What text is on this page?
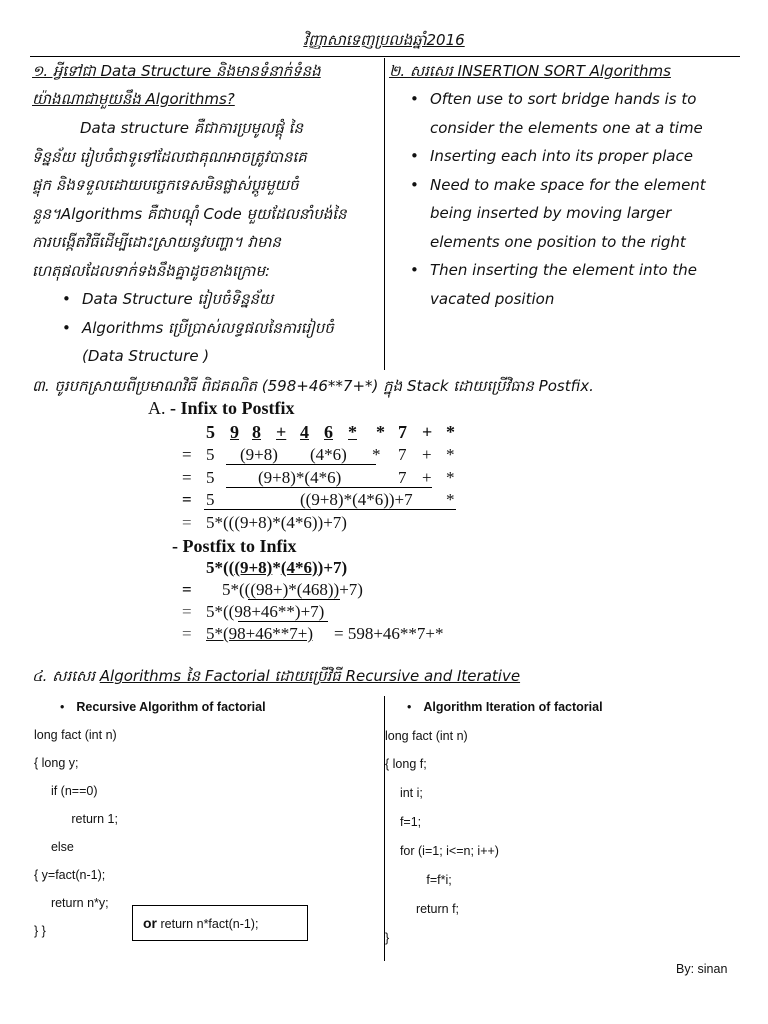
វិញ្ញាសាទេញប្រលងឆ្នាំ2016
១. អ្វីទៅជា Data Structure និងមានទំនាក់ទំនង
យ៉ាងណាជាមួយនឹង Algorithms?
Data structure គឺជាការប្រមូលផ្តុំ នៃ
ទិន្នន័យ រៀបចំជាទូទៅដែលជាគុណអាចត្រូវបានគេ
ផ្ទុក និងទទួលដោយបច្ចេកទេសមិនផ្លាស់ប្តូរមួយចំ
នួន។Algorithms គឺជាបណ្តុំ Code មួយដែលនាំបង់នៃ
ការបង្កើតវិធីដើម្បីដោះស្រាយនូវបញ្ហា។ វាមាន
ហេតុផលដែលទាក់ទងនឹងគ្នាដូចខាងក្រោម:
• Data Structure រៀបចំទិន្នន័យ
• Algorithms ប្រើប្រាស់លទ្ធផលនៃការរៀបចំ
(Data Structure )
២. សរសេរ INSERTION SORT Algorithms
• Often use to sort bridge hands is to
consider the elements one at a time
• Inserting each into its proper place
• Need to make space for the element
being inserted by moving larger
elements one position to the right
• Then inserting the element into the
vacated position
៣. ចូរបកស្រាយពីប្រមាណវិធី ពិជគណិត (598+46**7+*) ក្នុង Stack ដោយប្រើវិធាន Postfix.
A. - Infix to Postfix
5 9 8 + 4 6 * * 7 + *
= 5 (9+8) (4*6) * 7 + *
= 5	(9+8)*(4*6)	7 + *
= 5	((9+8)*(4*6))+7 *
= 5*(((9+8)*(4*6))+7)
- Postfix to Infix
5*(((9+8)*(4*6))+7)
= 5*(((98+)*(468))+7)
= 5*((98+46**)+7)
= 5*(98+46**7+) = 598+46**7+*
៤. សរសេរ Algorithms នៃ Factorial ដោយប្រើវិធី Recursive and Iterative
• Recursive Algorithm of factorial
long fact (int n)
{ long y;
if (n==0)
return 1;
else
{ y=fact(n-1);
return n*y;
} }	or return n*fact(n-1);
• Algorithm Iteration of factorial
long fact (int n)
{ long f;
int i;
f=1;
for (i=1; i<=n; i++)
f=f*i;
return f;
}
By: sinan
